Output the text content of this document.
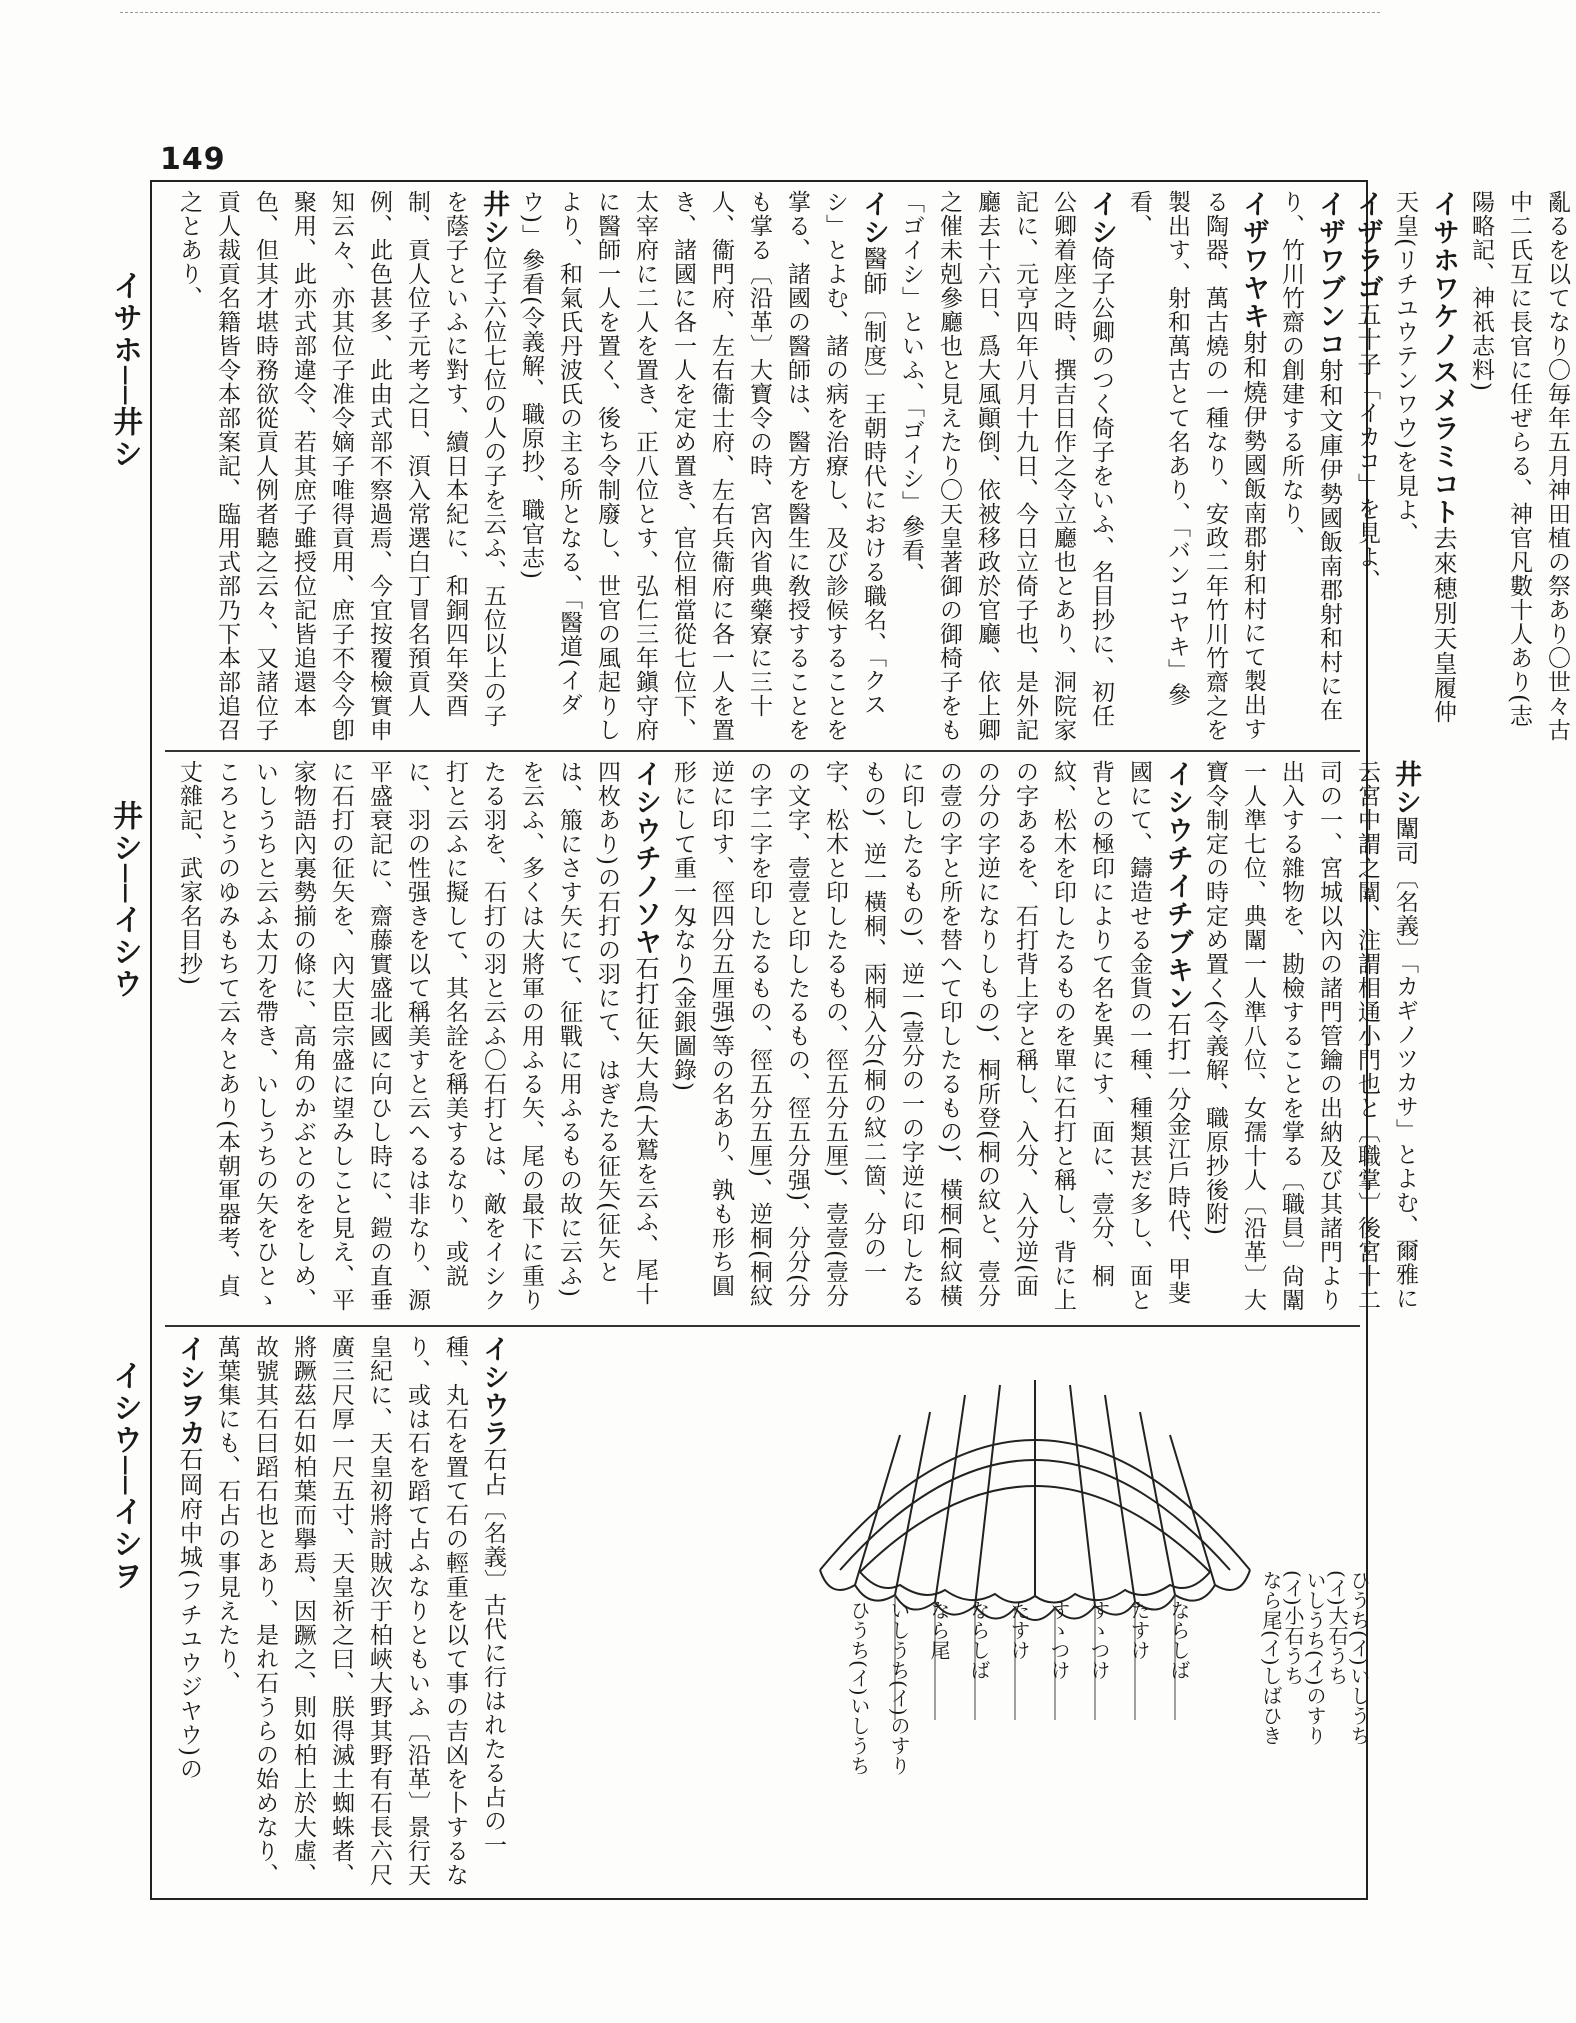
149
イサホ──井シ
井シ──イシウ
イシウ──イシヲ

亂るを以てなり〇毎年五月神田植の祭あり〇世々古中二氏互に長官に任ぜらる、神官凡數十人あり(志陽略記、神祇志料)
イサホワケノスメラミコト去來穂別天皇履仲天皇(リチユウテンワウ)を見よ、
イザラゴ五十子「イカコ」を見よ、
イザワブンコ射和文庫伊勢國飯南郡射和村に在り、竹川竹齋の創建する所なり、
イザワヤキ射和燒伊勢國飯南郡射和村にて製出する陶器、萬古燒の一種なり、安政二年竹川竹齋之を製出す、射和萬古とて名あり、「バンコヤキ」參看、
イシ倚子公卿のつく倚子をいふ、名目抄に、初任公卿着座之時、撰吉日作之令立廳也とあり、洞院家記に、元亨四年八月十九日、今日立倚子也、是外記廳去十六日、爲大風顚倒、依被移政於官廳、依上卿之催未剋參廳也と見えたり〇天皇著御の御椅子をも「ゴイシ」といふ、「ゴイシ」參看、
イシ醫師〔制度〕王朝時代における職名、「クスシ」とよむ、諸の病を治療し、及び診候することを掌る、諸國の醫師は、醫方を醫生に敎授することをも掌る〔沿革〕大寶令の時、宮內省典藥寮に三十人、衞門府、左右衞士府、左右兵衞府に各一人を置き、諸國に各一人を定め置き、官位相當從七位下、太宰府に二人を置き、正八位とす、弘仁三年鎭守府に醫師一人を置く、後ち令制廢し、世官の風起りしより、和氣氏丹波氏の主る所となる、「醫道(イダウ)」參看(令義解、職原抄、職官志)
井シ位子六位七位の人の子を云ふ、五位以上の子を蔭子といふに對す、續日本紀に、和銅四年癸酉制、貢人位子元考之日、湏入常選白丁冒名預貢人例、此色甚多、此由式部不察過焉、今宜按覆檢實申知云々、亦其位子准令嫡子唯得貢用、庶子不令今卽聚用、此亦式部違令、若其庶子雖授位記皆追還本色、但其才堪時務欲從貢人例者聽之云々、又諸位子貢人裁貢名籍皆令本部案記、臨用式部乃下本部追召之とあり、

井シ闈司〔名義〕「カギノツカサ」とよむ、爾雅に云宮中謂之闈、注謂相通小門也と〔職掌〕後宮十二司の一、宮城以內の諸門管鑰の出納及び其諸門より出入する雜物を、勘檢することを掌る〔職員〕尙闈一人準七位、典闈一人準八位、女孺十人〔沿革〕大寶令制定の時定め置く(令義解、職原抄後附)
イシウチイチブキン石打一分金江戶時代、甲斐國にて、鑄造せる金貨の一種、種類甚だ多し、面と背との極印によりて名を異にす、面に、壹分、桐紋、松木を印したるものを單に石打と稱し、背に上の字あるを、石打背上字と稱し、入分、入分逆(面の分の字逆になりしもの)、桐所登(桐の紋と、壹分の壹の字と所を替へて印したるもの)、橫桐(桐紋橫に印したるもの)、逆一(壹分の一の字逆に印したるもの)、逆一橫桐、兩桐入分(桐の紋二箇、分の一字、松木と印したるもの、徑五分五厘)、壹壹(壹分の文字、壹壹と印したるもの、徑五分强)、分分(分の字二字を印したるもの、徑五分五厘)、逆桐(桐紋逆に印す、徑四分五厘强)等の名あり、孰も形ち圓形にして重一匁なり(金銀圖錄)
イシウチノソヤ石打征矢大鳥(大鷲を云ふ、尾十四枚あり)の石打の羽にて、はぎたる征矢(征矢とは、箙にさす矢にて、征戰に用ふるもの故に云ふ)を云ふ、多くは大將軍の用ふる矢、尾の最下に重りたる羽を、石打の羽と云ふ〇石打とは、敵をイシク打と云ふに擬して、其名詮を稱美するなり、或説に、羽の性强きを以て稱美すと云へるは非なり、源平盛衰記に、齋藤實盛北國に向ひし時に、鎧の直垂に石打の征矢を、內大臣宗盛に望みしこと見え、平家物語內裏勢揃の條に、高角のかぶとのををしめ、いしうちと云ふ太刀を帶き、いしうちの矢をひとゝころとうのゆみもちて云々とあり(本朝軍器考、貞丈雜記、武家名目抄)

イシウラ石占〔名義〕古代に行はれたる占の一種、丸石を置て石の輕重を以て事の吉凶を卜するなり、或は石を蹈て占ふなりともいふ〔沿革〕景行天皇紀に、天皇初將討賊次于柏峽大野其野有石長六尺廣三尺厚一尺五寸、天皇祈之曰、朕得滅土蜘蛛者、將蹶茲石如柏葉而擧焉、因蹶之、則如柏上於大虛、故號其石曰蹈石也とあり、是れ石うらの始めなり、萬葉集にも、石占の事見えたり、
イシヲカ石岡府中城(フチユウジヤウ)の	ひうち(イ)いしうち
(イ)大石うち
いしうち(イ)のすり
(イ)小石うち
なら尾(イ)しばひき
ならしば
たすけ
すゝつけ
すゝつけ
たすけ
ならしば
なら尾
いしうち(イ)のすり
ひうち(イ)いしうち
